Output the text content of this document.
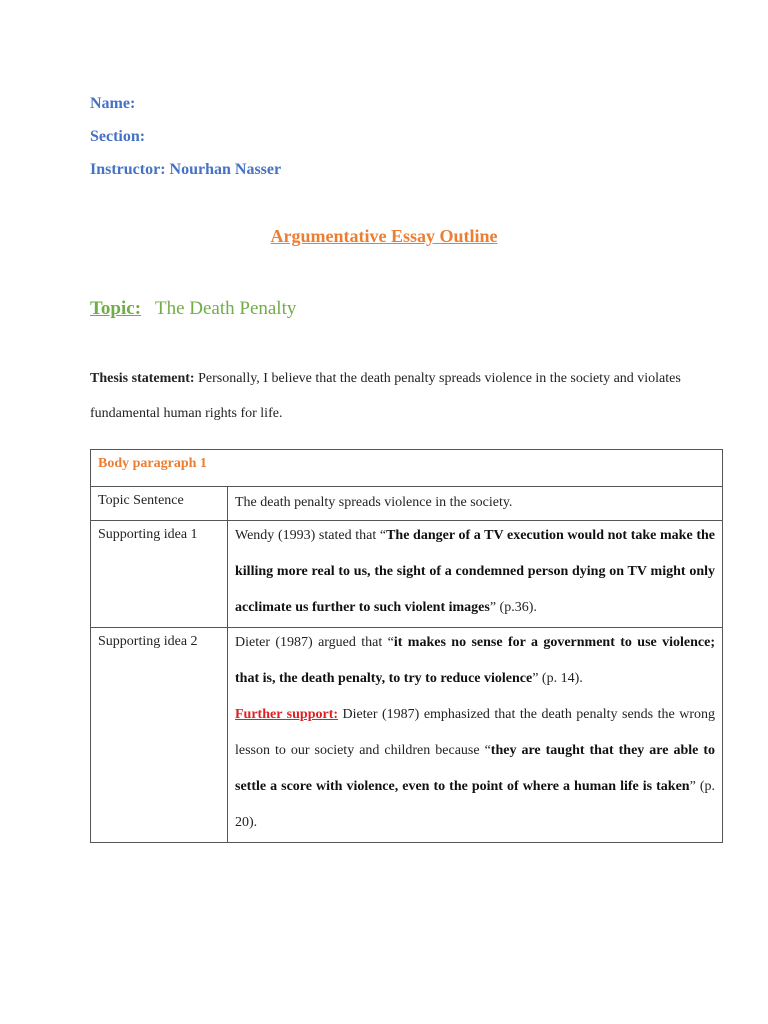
Name:
Section:
Instructor: Nourhan Nasser
Argumentative Essay Outline
Topic: The Death Penalty
Thesis statement: Personally, I believe that the death penalty spreads violence in the society and violates fundamental human rights for life.
Body paragraph 1	
Topic Sentence	The death penalty spreads violence in the society.

Supporting idea 1	Wendy (1993) stated that “The danger of a TV execution would not take make the killing more real to us, the sight of a condemned person dying on TV might only acclimate us further to such violent images” (p.36).

Supporting idea 2	Dieter (1987) argued that “it makes no sense for a government to use violence; that is, the death penalty, to try to reduce violence” (p. 14).
Further support: Dieter (1987) emphasized that the death penalty sends the wrong lesson to our society and children because “they are taught that they are able to settle a score with violence, even to the point of where a human life is taken” (p. 20).
